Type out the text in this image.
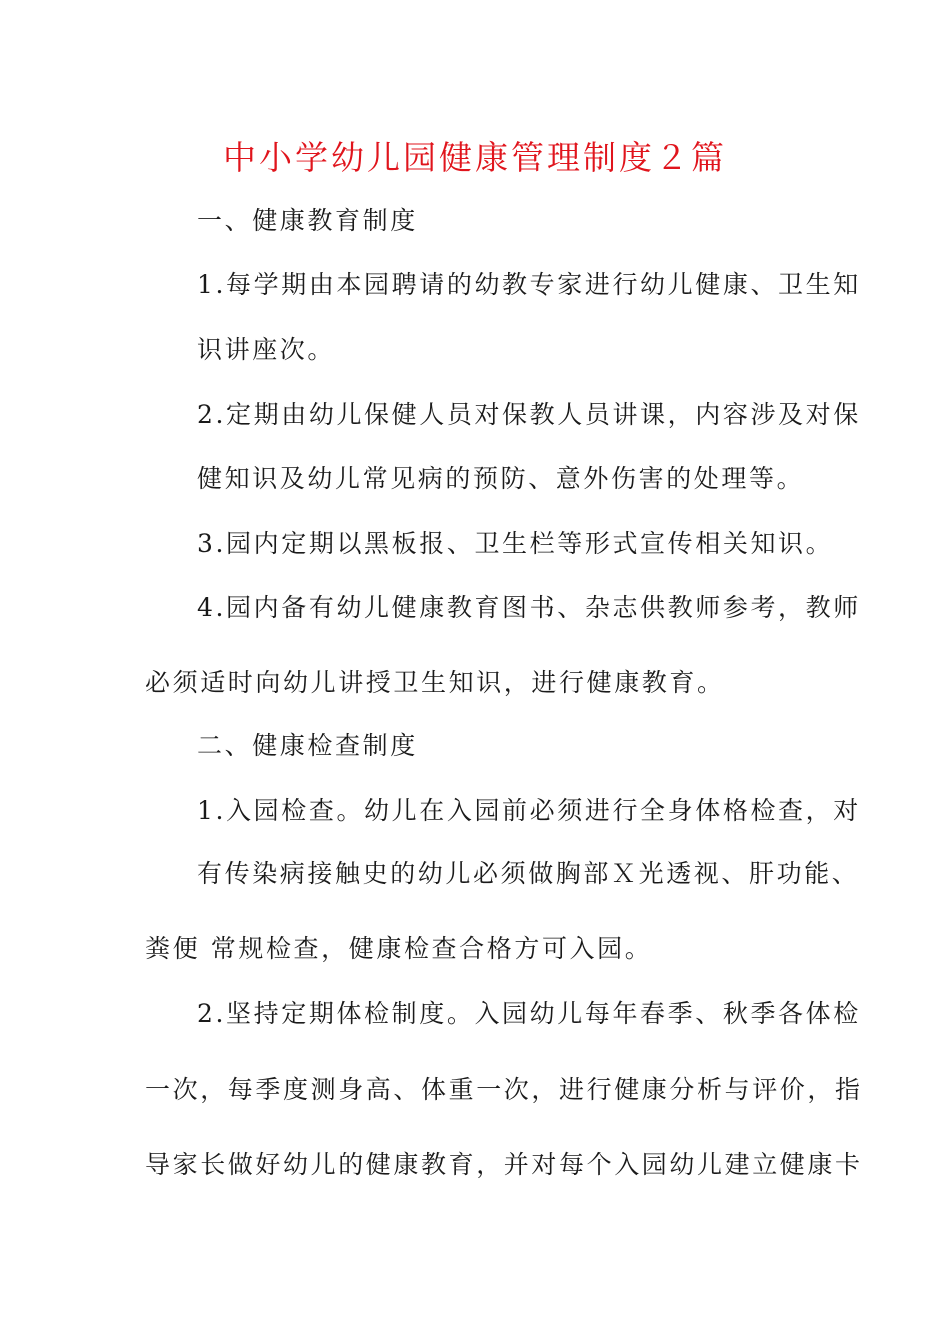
中小学幼儿园健康管理制度２篇

一、健康教育制度

1.每学期由本园聘请的幼教专家进行幼儿健康、卫生知

识讲座次。

2.定期由幼儿保健人员对保教人员讲课，内容涉及对保

健知识及幼儿常见病的预防、意外伤害的处理等。

3.园内定期以黑板报、卫生栏等形式宣传相关知识。

4.园内备有幼儿健康教育图书、杂志供教师参考，教师

必须适时向幼儿讲授卫生知识，进行健康教育。

二、健康检查制度

1.入园检查。幼儿在入园前必须进行全身体格检查，对

有传染病接触史的幼儿必须做胸部Ｘ光透视、肝功能、

粪便 常规检查，健康检查合格方可入园。

2.坚持定期体检制度。入园幼儿每年春季、秋季各体检

一次，每季度测身高、体重一次，进行健康分析与评价，指

导家长做好幼儿的健康教育，并对每个入园幼儿建立健康卡
